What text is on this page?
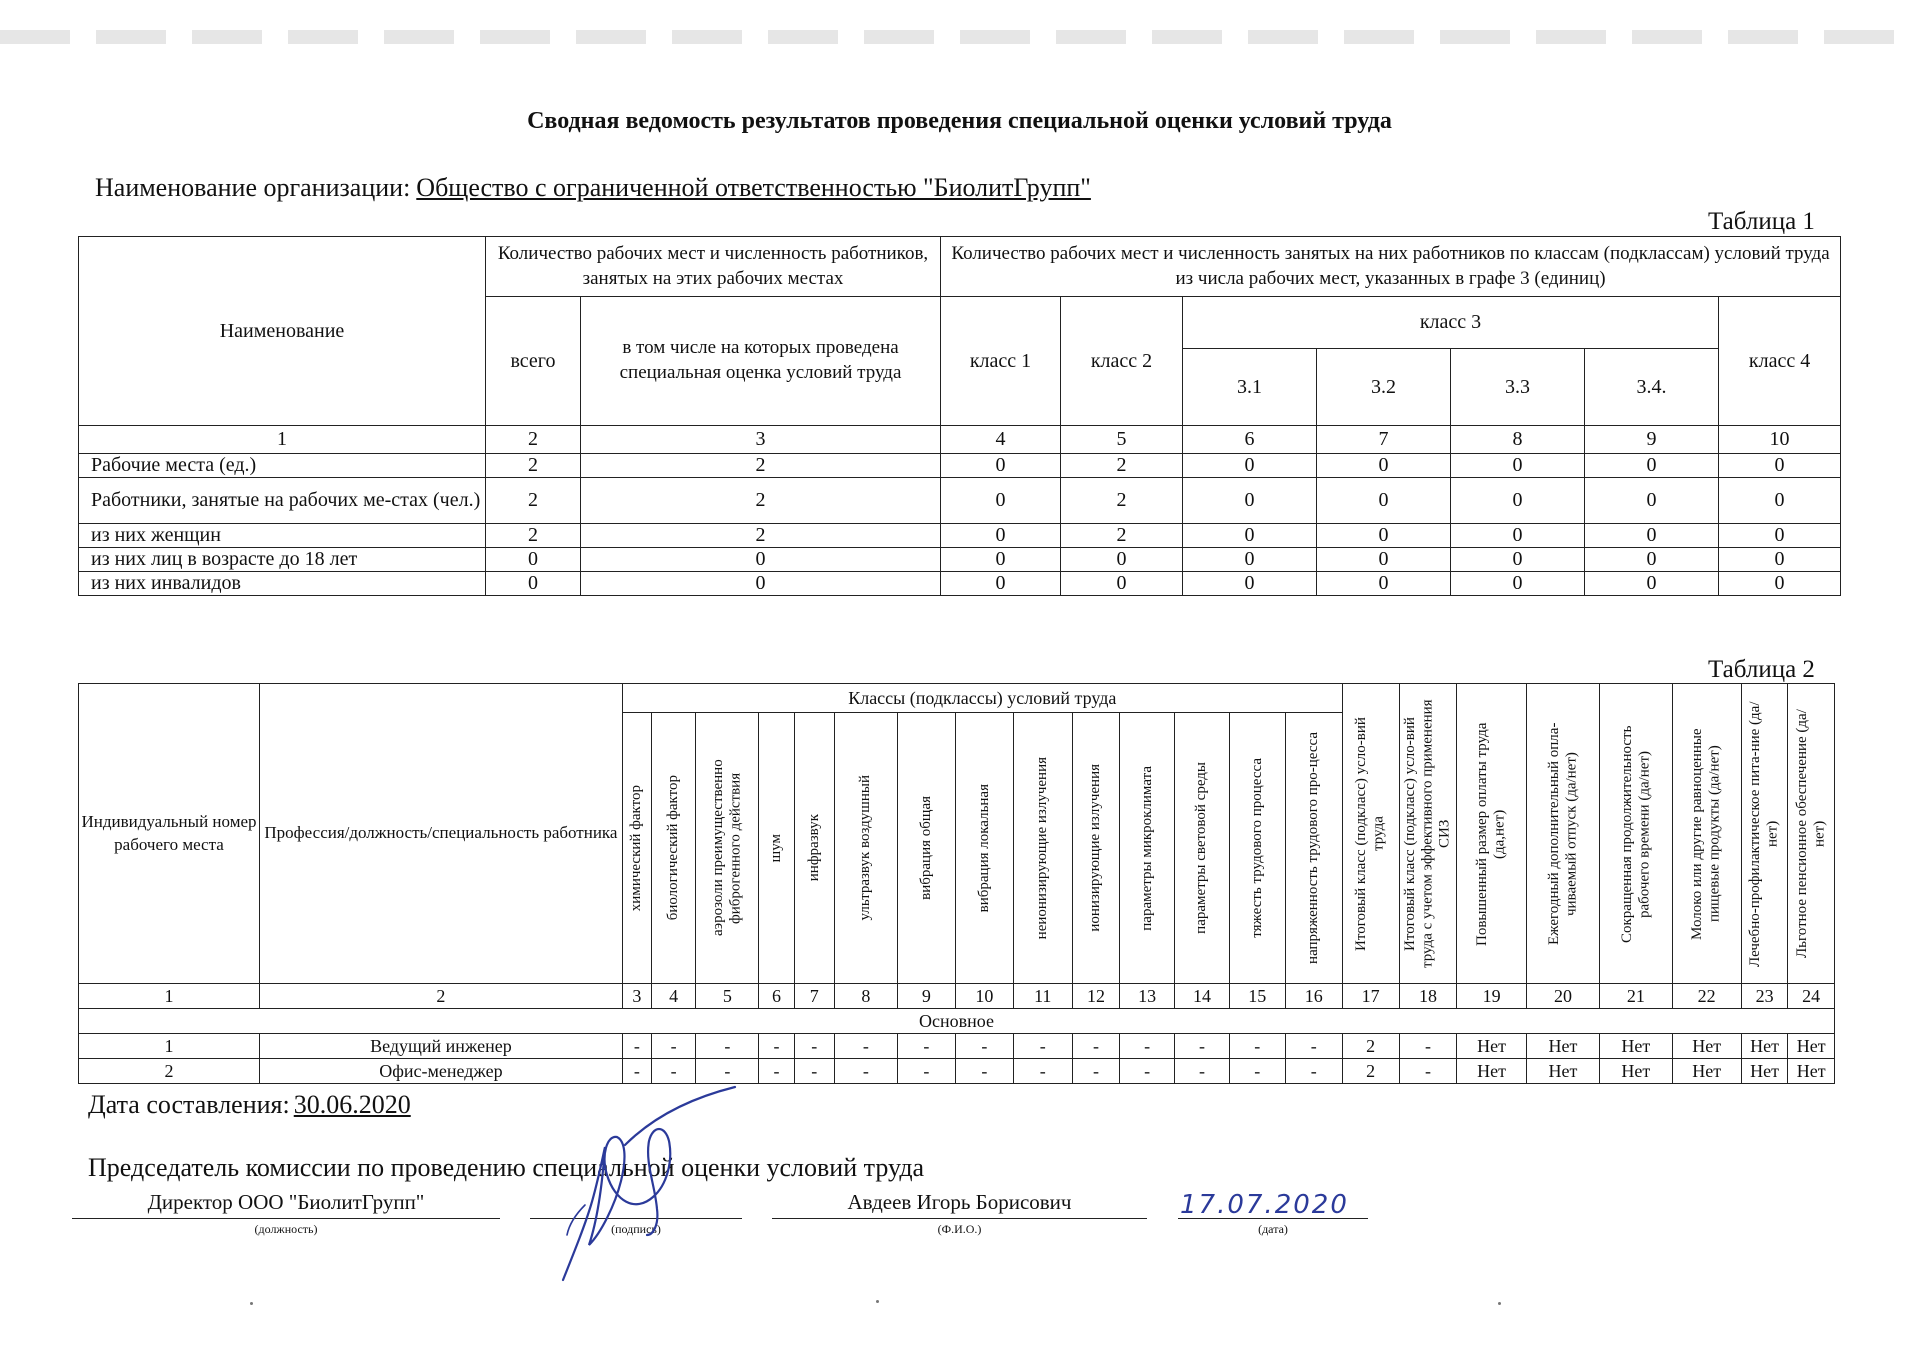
Сводная ведомость результатов проведения специальной оценки условий труда
Наименование организации: Общество с ограниченной ответственностью "БиолитГрупп"
Таблица 1
Наименование	Количество рабочих мест и численность работников, занятых на этих рабочих местах		Количество рабочих мест и численность занятых на них работников по классам (подклассам) условий труда из числа рабочих мест, указанных в графе 3 (единиц)						
	всего	в том числе на которых проведена специальная оценка условий труда	класс 1	класс 2	класс 3				класс 4
					3.1	3.2	3.3	3.4.	
1	2	3	4	5	6	7	8	9	10
Рабочие места (ед.)	2	2	0	2	0	0	0	0	0
Работники, занятые на рабочих ме-стах (чел.)	2	2	0	2	0	0	0	0	0
из них женщин	2	2	0	2	0	0	0	0	0
из них лиц в возрасте до 18 лет	0	0	0	0	0	0	0	0	0
из них инвалидов	0	0	0	0	0	0	0	0	0
Таблица 2
Индивидуальный номер рабочего места	Профессия/должность/специальность работника	Классы (подклассы) условий труда														Итоговый класс (подкласс) усло-вий труда	Итоговый класс (подкласс) усло-вий труда с учетом эффективного применения СИЗ	Повышенный размер оплаты труда (да,нет)	Ежегодный дополнительный опла-чиваемый отпуск (да/нет)	Сокращенная продолжительность рабочего времени (да/нет)	Молоко или другие равноценные пищевые продукты (да/нет)	Лечебно-профилактическое пита-ние (да/нет)	Льготное пенсионное обеспечение (да/нет)

		химический фактор	биологический фактор	аэрозоли преимущественно фиброгенного действия	шум	инфразвук	ультразвук воздушный	вибрация общая	вибрация локальная	неионизирующие излучения	ионизирующие излучения	параметры микроклимата	параметры световой среды	тяжесть трудового процесса	напряженность трудового про-цесса								

1	2	3	4	5	6	7	8	9	10	11	12	13	14	15	16	17	18	19	20	21	22	23	24
Основное																							
1	Ведущий инженер	-	-	-	-	-	-	-	-	-	-	-	-	-	-	2	-	Нет	Нет	Нет	Нет	Нет	Нет
2	Офис-менеджер	-	-	-	-	-	-	-	-	-	-	-	-	-	-	2	-	Нет	Нет	Нет	Нет	Нет	Нет
Дата составления: 30.06.2020
Председатель комиссии по проведению специальной оценки условий труда
Директор ООО "БиолитГрупп"
(должность)	(подпись)
Авдеев Игорь Борисович
(Ф.И.О.)
17.07.2020
(дата)
